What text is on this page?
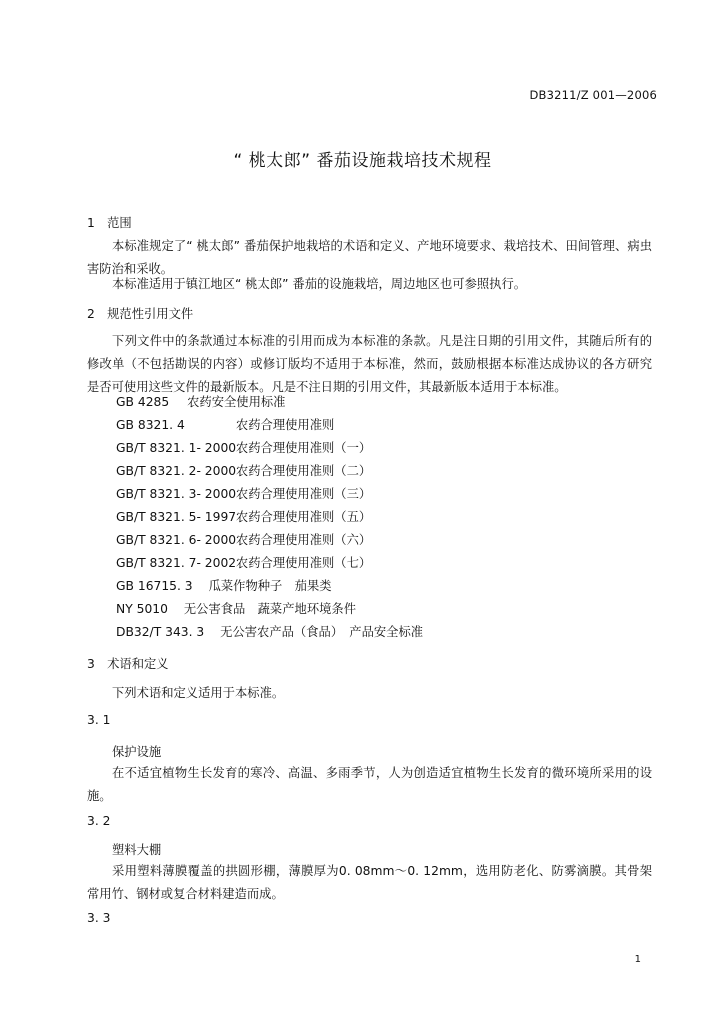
DB3211/Z 001—2006
“ 桃太郎” 番茄设施栽培技术规程
1　范围
本标准规定了“ 桃太郎” 番茄保护地栽培的术语和定义、产地环境要求、栽培技术、田间管理、病虫害防治和采收。
本标准适用于镇江地区“ 桃太郎” 番茄的设施栽培，周边地区也可参照执行。
2　规范性引用文件
下列文件中的条款通过本标准的引用而成为本标准的条款。凡是注日期的引用文件，其随后所有的修改单（不包括勘误的内容）或修订版均不适用于本标准，然而，鼓励根据本标准达成协议的各方研究是否可使用这些文件的最新版本。凡是不注日期的引用文件，其最新版本适用于本标准。
GB 4285 农药安全使用标准
GB 8321. 4	农药合理使用准则
GB/T 8321. 1- 2000 农药合理使用准则（一）
GB/T 8321. 2- 2000 农药合理使用准则（二）
GB/T 8321. 3- 2000 农药合理使用准则（三）
GB/T 8321. 5- 1997 农药合理使用准则（五）
GB/T 8321. 6- 2000 农药合理使用准则（六）
GB/T 8321. 7- 2002 农药合理使用准则（七）
GB 16715. 3 瓜菜作物种子　茄果类
NY 5010 无公害食品　蔬菜产地环境条件
DB32/T 343. 3 无公害农产品（食品）　产品安全标准
3　术语和定义
下列术语和定义适用于本标准。
3. 1
保护设施
在不适宜植物生长发育的寒冷、高温、多雨季节，人为创造适宜植物生长发育的微环境所采用的设施。
3. 2
塑料大棚
采用塑料薄膜覆盖的拱圆形棚，薄膜厚为0. 08mm～0. 12mm，选用防老化、防雾滴膜。其骨架常用竹、钢材或复合材料建造而成。
3. 3
1
